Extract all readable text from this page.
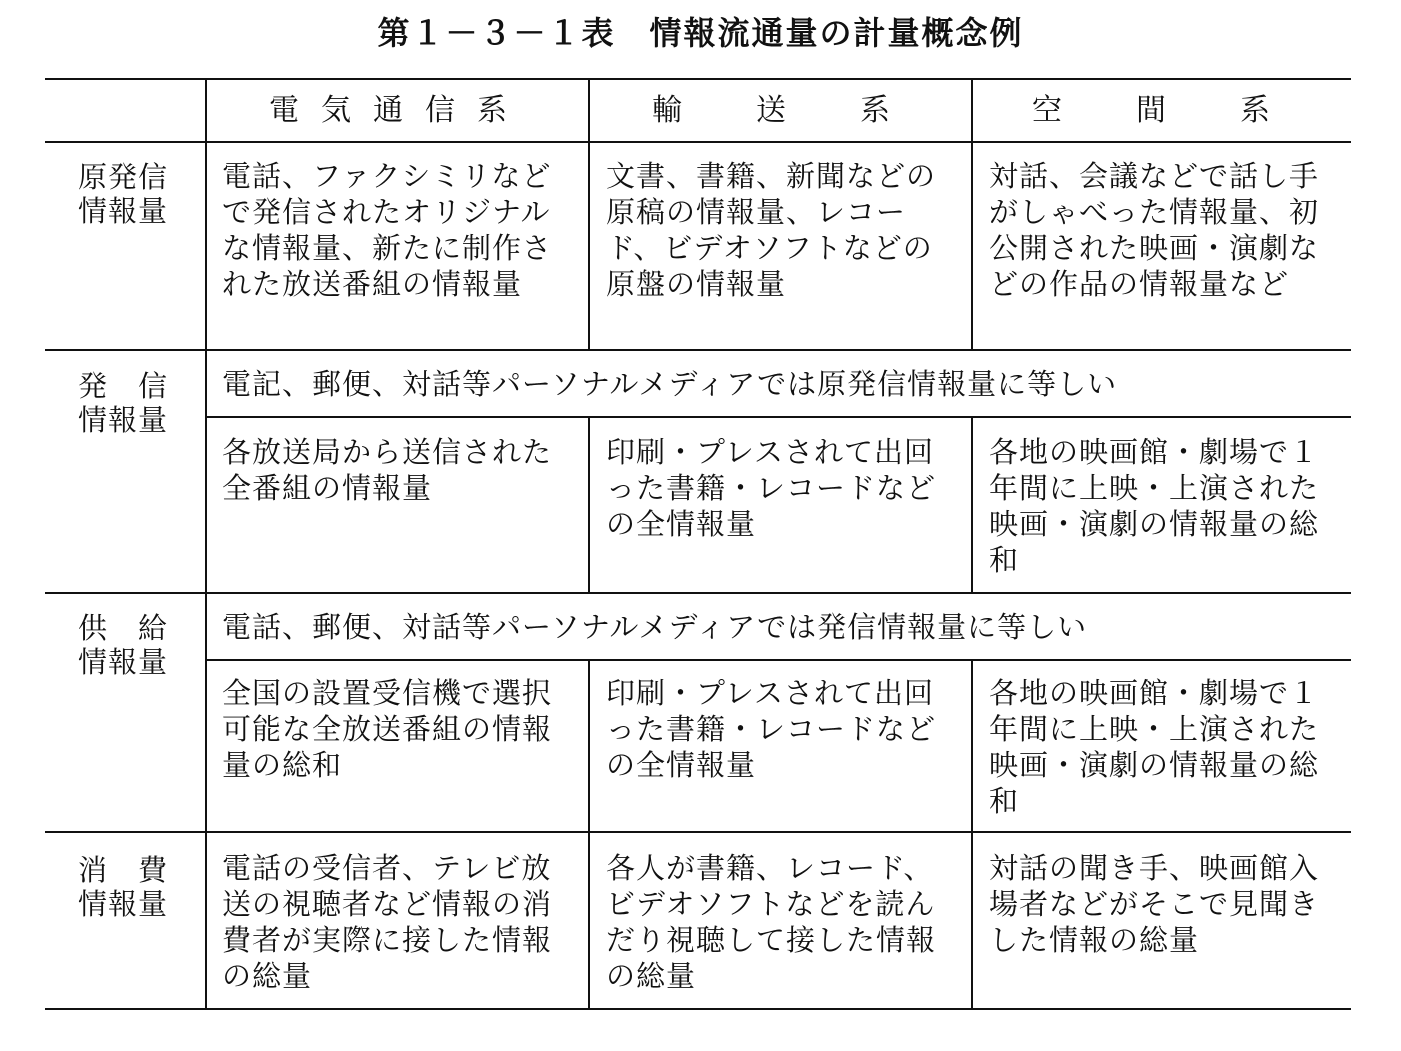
第１－３－１表　情報流通量の計量概念例
電気通信系	輸　送　系	空　間　系
原発信
情報量
電話、ファクシミリなどで発信されたオリジナルな情報量、新たに制作された放送番組の情報量
文書、書籍、新聞などの原稿の情報量、レコード、ビデオソフトなどの原盤の情報量
対話、会議などで話し手がしゃべった情報量、初公開された映画・演劇などの作品の情報量など
発　信
情報量
電記、郵便、対話等パーソナルメディアでは原発信情報量に等しい
各放送局から送信された全番組の情報量
印刷・プレスされて出回った書籍・レコードなどの全情報量
各地の映画館・劇場で１年間に上映・上演された映画・演劇の情報量の総和
供　給
情報量
電話、郵便、対話等パーソナルメディアでは発信情報量に等しい
全国の設置受信機で選択可能な全放送番組の情報量の総和
印刷・プレスされて出回った書籍・レコードなどの全情報量
各地の映画館・劇場で１年間に上映・上演された映画・演劇の情報量の総和
消　費
情報量
電話の受信者、テレビ放送の視聴者など情報の消費者が実際に接した情報の総量
各人が書籍、レコード、ビデオソフトなどを読んだり視聴して接した情報の総量
対話の聞き手、映画館入場者などがそこで見聞きした情報の総量
